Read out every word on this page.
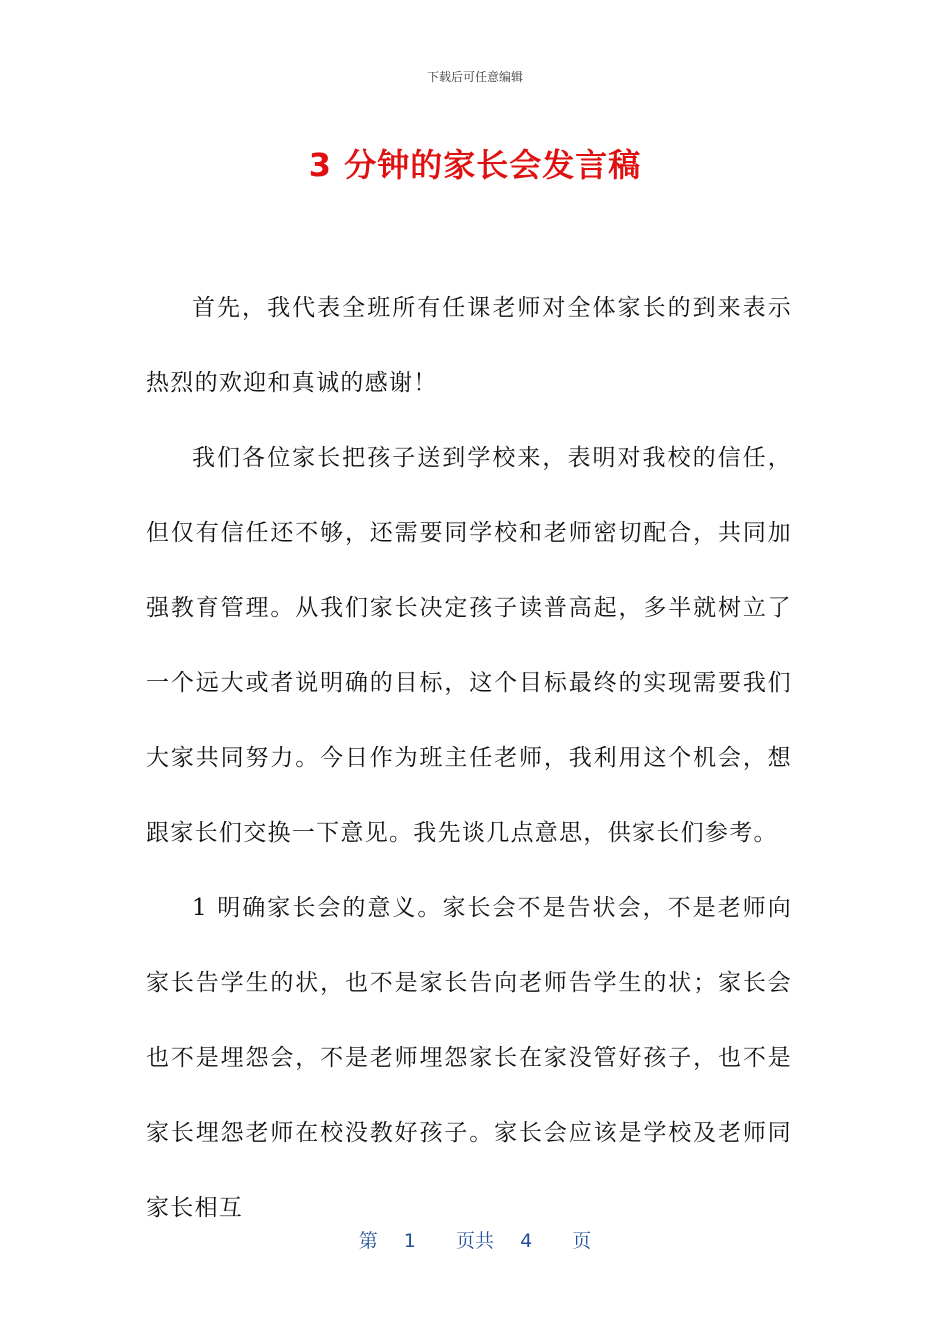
下载后可任意编辑
3 分钟的家长会发言稿

首先，我代表全班所有任课老师对全体家长的到来表示热烈的欢迎和真诚的感谢！

我们各位家长把孩子送到学校来，表明对我校的信任，但仅有信任还不够，还需要同学校和老师密切配合，共同加强教育管理。从我们家长决定孩子读普高起，多半就树立了一个远大或者说明确的目标，这个目标最终的实现需要我们大家共同努力。今日作为班主任老师，我利用这个机会，想跟家长们交换一下意见。我先谈几点意思，供家长们参考。

1 明确家长会的意义。家长会不是告状会，不是老师向家长告学生的状，也不是家长告向老师告学生的状；家长会也不是埋怨会，不是老师埋怨家长在家没管好孩子，也不是家长埋怨老师在校没教好孩子。家长会应该是学校及老师同家长相互

第 1 页共 4 页
